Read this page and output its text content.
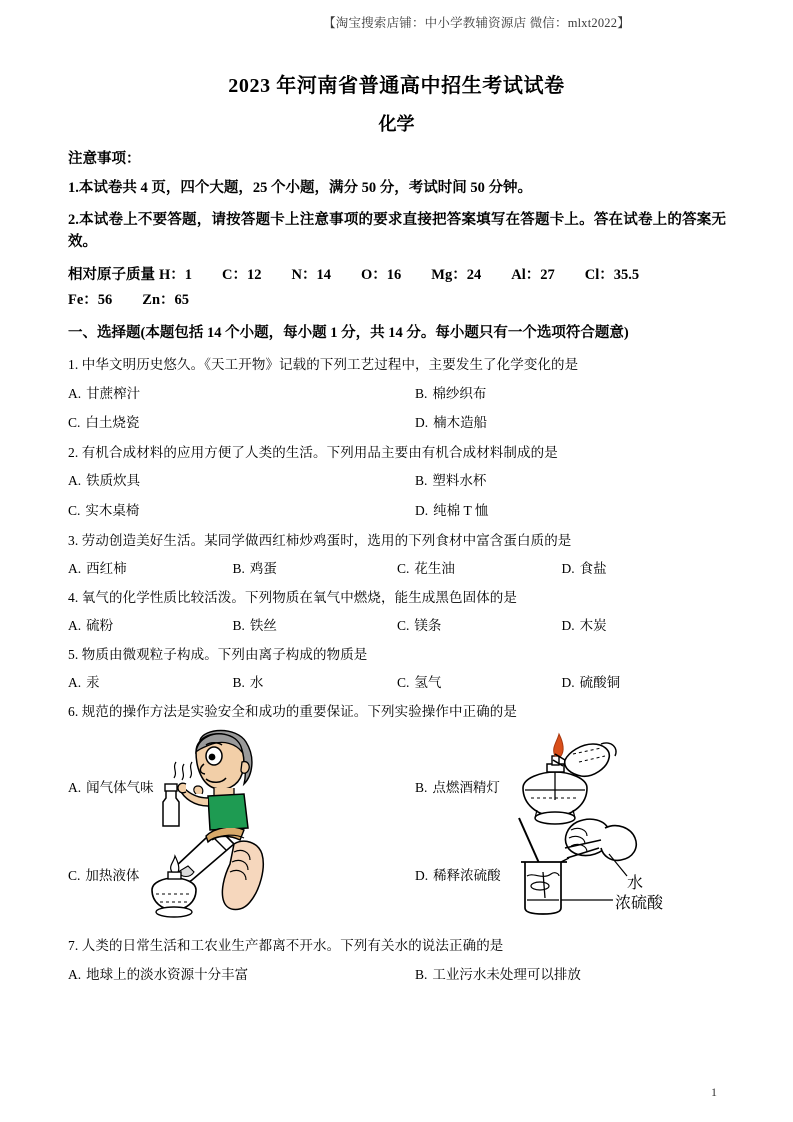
【淘宝搜索店铺：中小学教辅资源店 微信：mlxt2022】
2023 年河南省普通高中招生考试试卷
化学
注意事项：
1.本试卷共 4 页，四个大题，25 个小题，满分 50 分，考试时间 50 分钟。
2.本试卷上不要答题，请按答题卡上注意事项的要求直接把答案填写在答题卡上。答在试卷上的答案无效。
相对原子质量 H：1 C：12 N：14 O：16 Mg：24 Al：27 Cl：35.5Fe：56 Zn：65
一、选择题(本题包括 14 个小题，每小题 1 分，共 14 分。每小题只有一个选项符合题意)
1. 中华文明历史悠久。《天工开物》记载的下列工艺过程中，主要发生了化学变化的是
A. 甘蔗榨汁	B. 棉纱织布
C. 白土烧瓷	D. 楠木造船
2. 有机合成材料的应用方便了人类的生活。下列用品主要由有机合成材料制成的是
A. 铁质炊具	B. 塑料水杯
C. 实木桌椅	D. 纯棉 T 恤
3. 劳动创造美好生活。某同学做西红柿炒鸡蛋时，选用的下列食材中富含蛋白质的是
A. 西红柿	B. 鸡蛋	C. 花生油	D. 食盐
4. 氧气的化学性质比较活泼。下列物质在氧气中燃烧，能生成黑色固体的是
A. 硫粉	B. 铁丝	C. 镁条	D. 木炭
5. 物质由微观粒子构成。下列由离子构成的物质是
A. 汞	B. 水	C. 氢气	D. 硫酸铜
6. 规范的操作方法是实验安全和成功的重要保证。下列实验操作中正确的是
A. 闻气体气味	B. 点燃酒精灯
C. 加热液体	D. 稀释浓硫酸	水
浓硫酸
7. 人类的日常生活和工农业生产都离不开水。下列有关水的说法正确的是
A. 地球上的淡水资源十分丰富	B. 工业污水未处理可以排放
1
